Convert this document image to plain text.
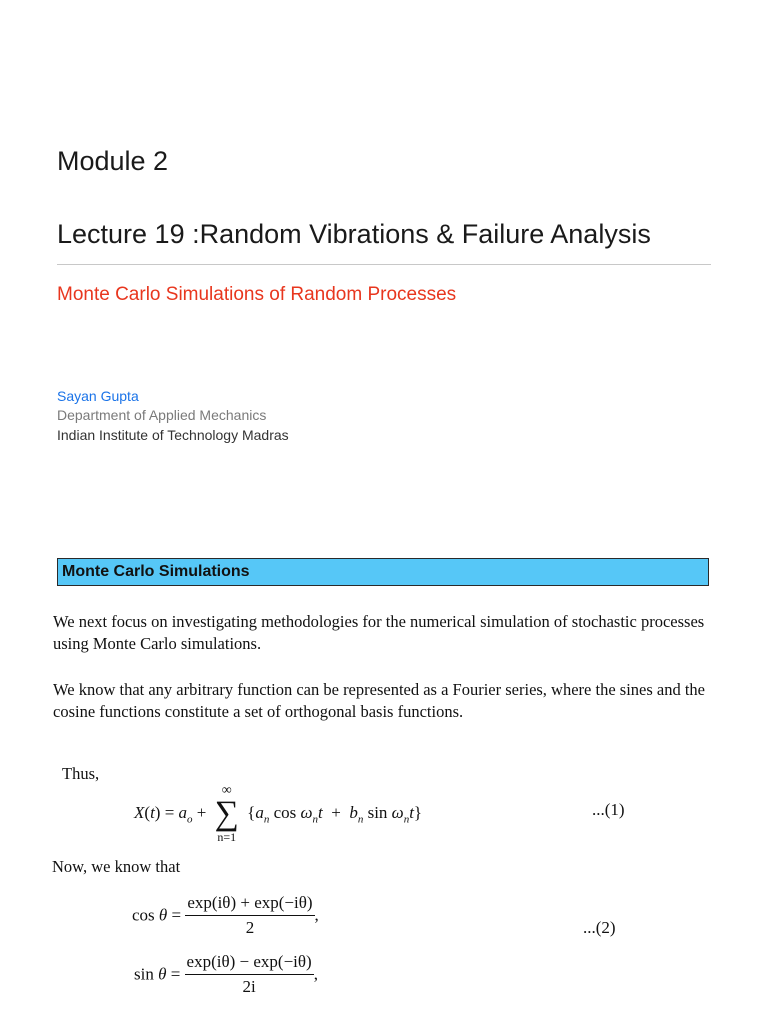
Module 2
Lecture 19 :Random Vibrations & Failure Analysis
Monte Carlo Simulations of Random Processes
Sayan Gupta
Department of Applied Mechanics
Indian Institute of Technology Madras
Monte Carlo Simulations
We next focus on investigating methodologies for the numerical simulation of stochastic processes using Monte Carlo simulations.
We know that any arbitrary function can be represented as a Fourier series, where the sines and the cosine functions constitute a set of orthogonal basis functions.
Thus,
$X(t) = a_o$ +
∞
∑
n=1
{$a_n$ $\cos \omega_nt + b_n$ $\sin \omega_nt$}	...(1)
Now, we know that
$\cos \theta = \frac{\exp(i\theta) + \exp(-i\theta)}{2}$ ,
...(2)
$\sin \theta = \frac{\exp(i\theta) - \exp(-i\theta)}{2i}$ ,
